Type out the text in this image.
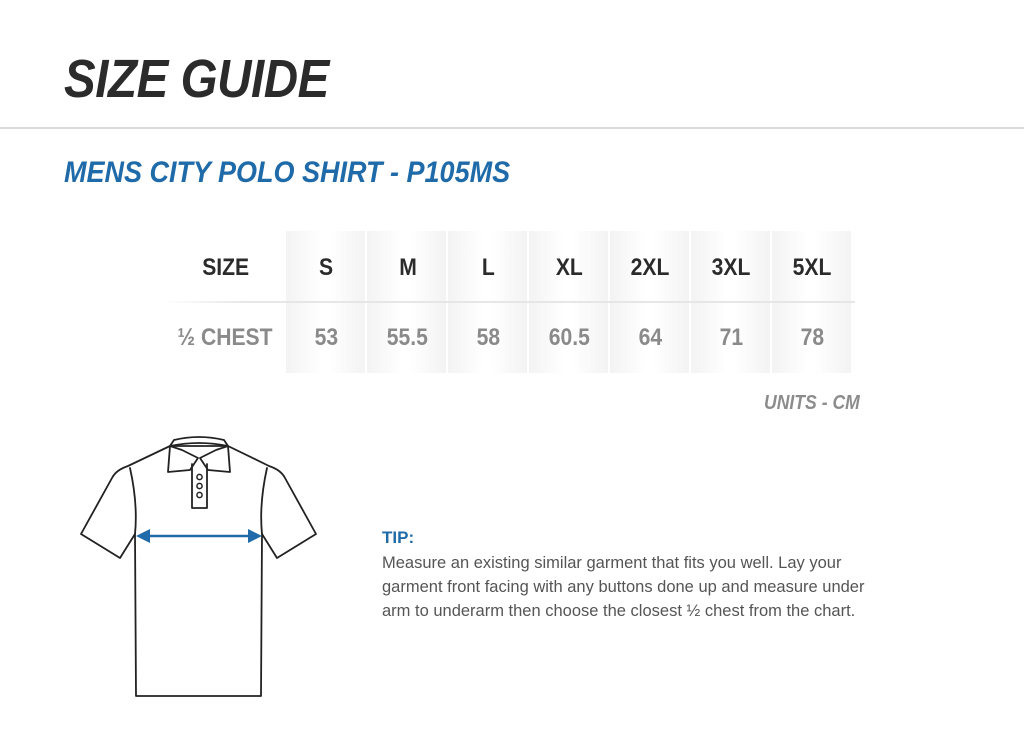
SIZE GUIDE
MENS CITY POLO SHIRT - P105MS
SIZE	S	M	L	XL 2XL 3XL 5XL
½ CHEST 53 55.5 58 60.5 64 71 78
UNITS - CM
TIP:

Measure an existing similar garment that fits you well. Lay your
garment front facing with any buttons done up and measure under
arm to underarm then choose the closest ½ chest from the chart.
